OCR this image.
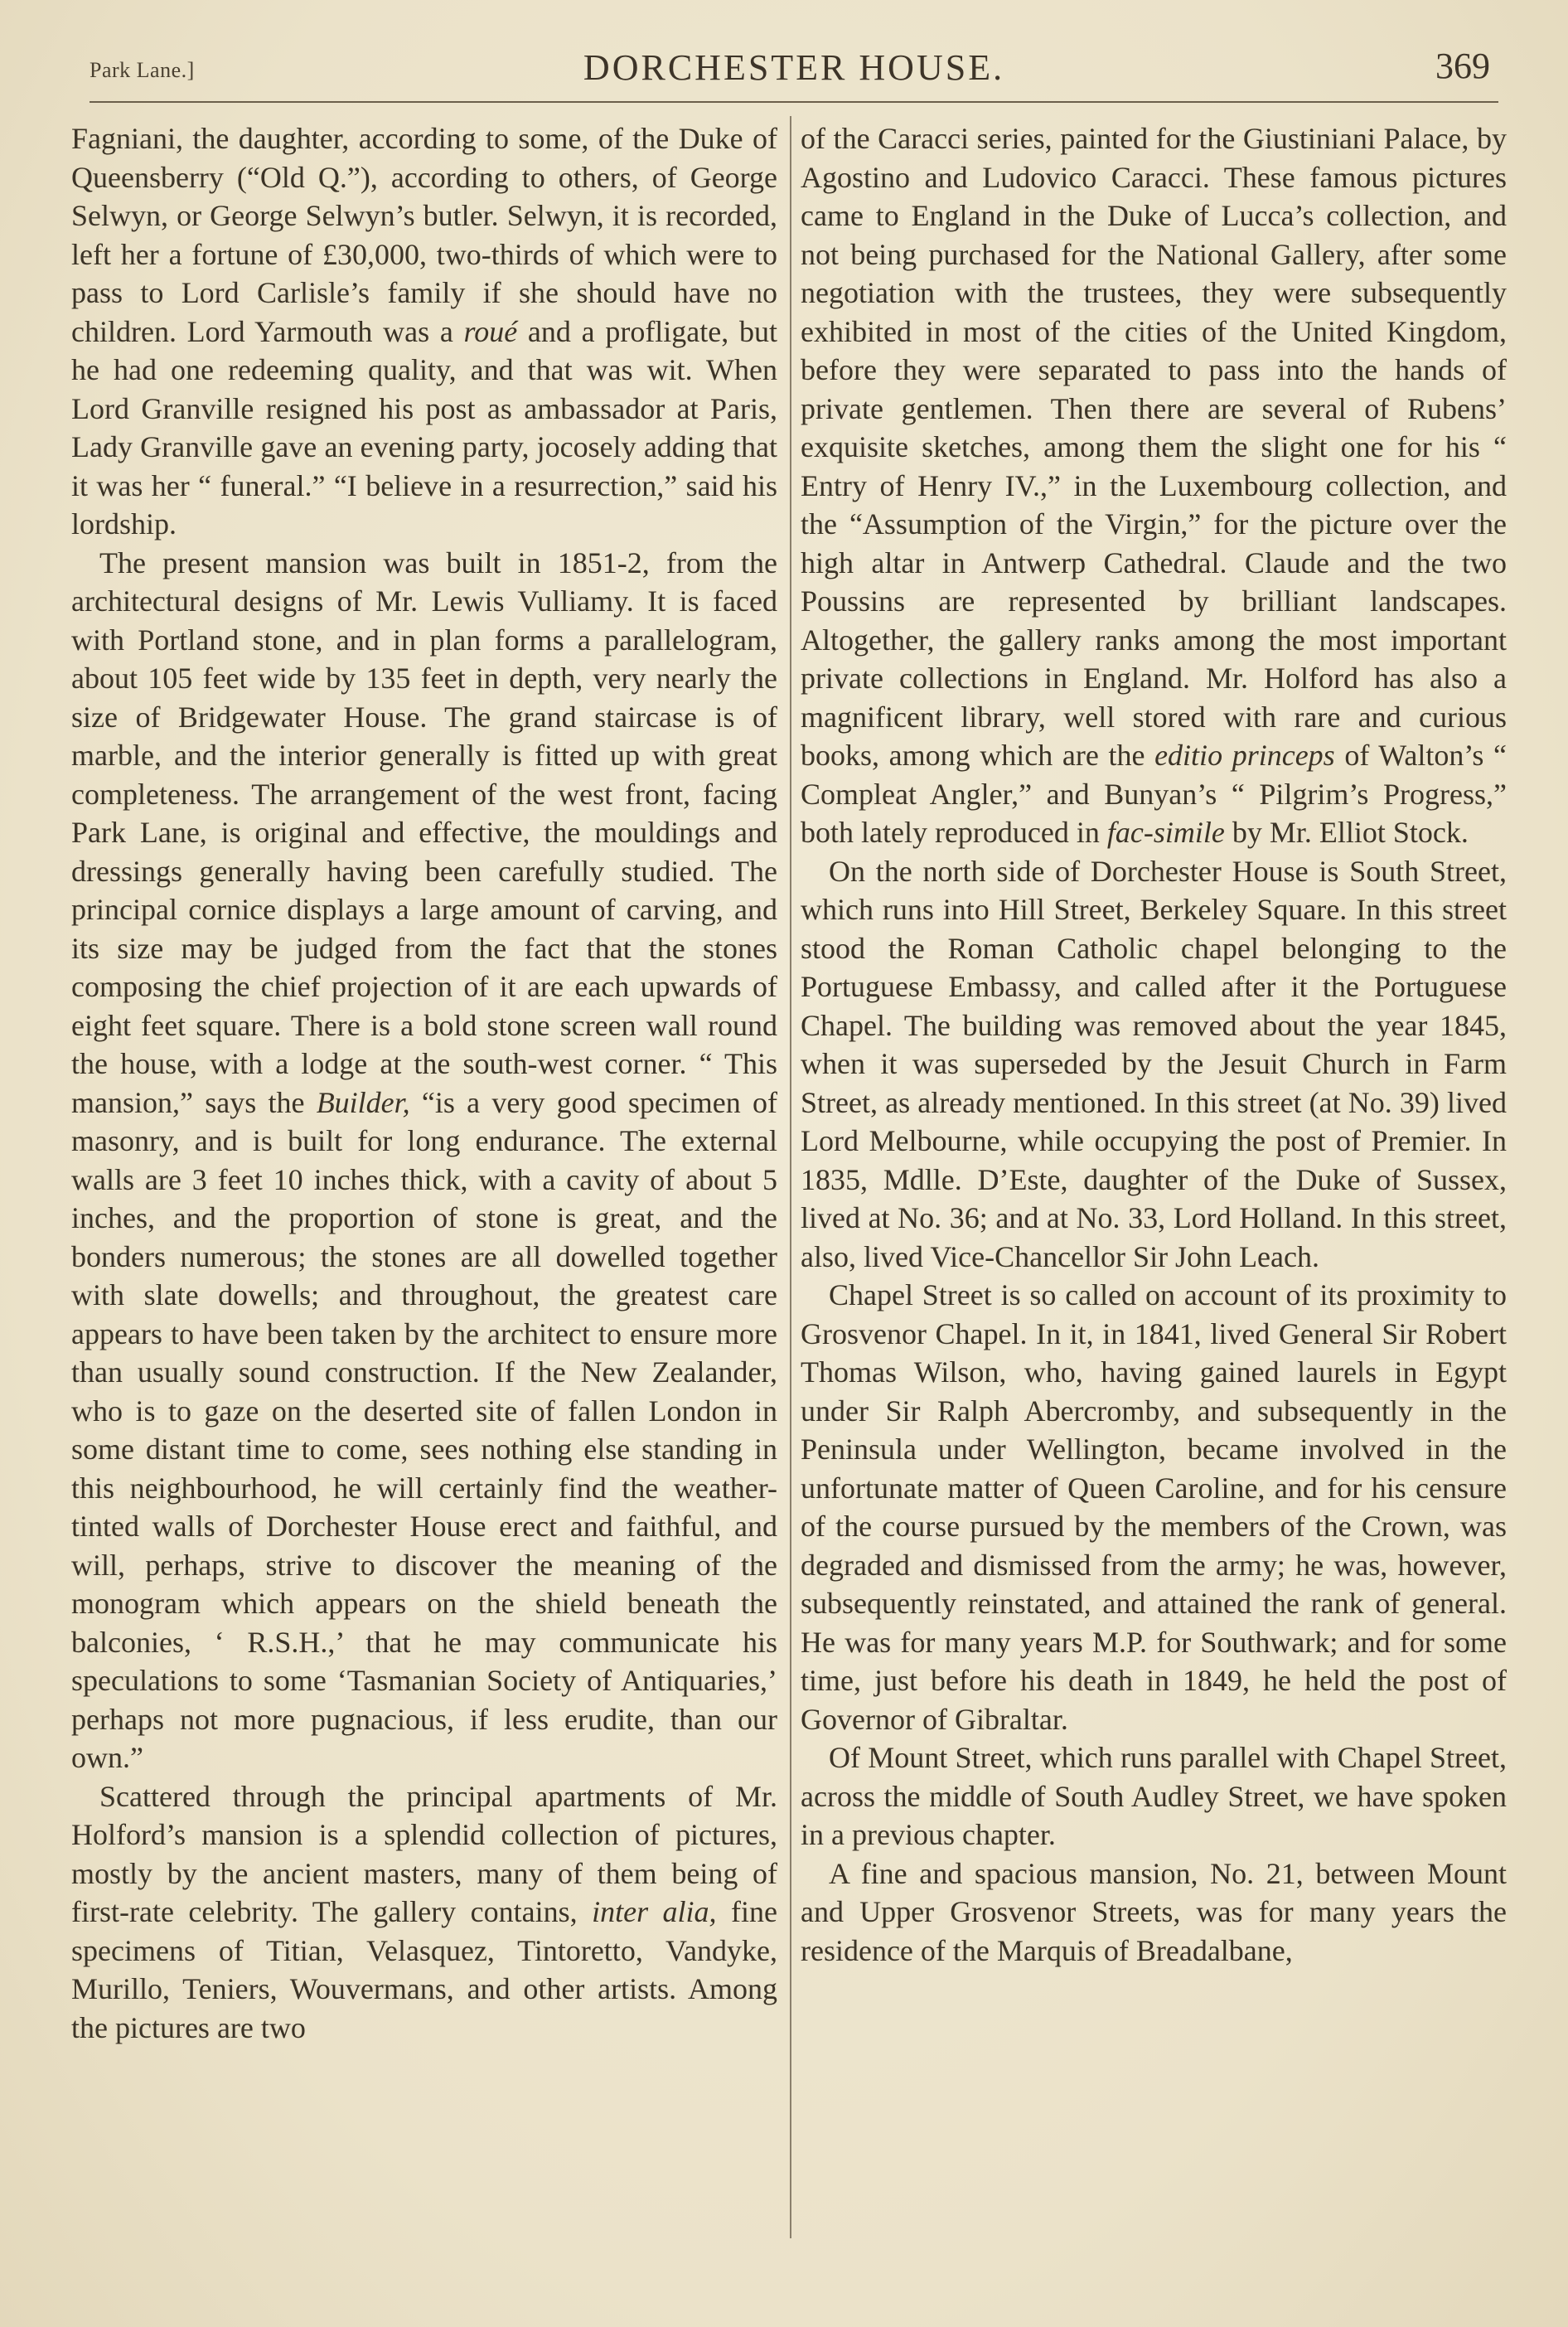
Park Lane.]	DORCHESTER HOUSE.	369

Fagniani, the daughter, according to some, of the Duke of Queensberry (“Old Q.”), according to others, of George Selwyn, or George Selwyn’s butler. Selwyn, it is recorded, left her a fortune of £30,000, two-thirds of which were to pass to Lord Carlisle’s family if she should have no children. Lord Yarmouth was a roué and a profligate, but he had one redeeming quality, and that was wit. When Lord Granville resigned his post as ambassador at Paris, Lady Granville gave an evening party, jocosely adding that it was her “ funeral.” “I believe in a resurrection,” said his lordship.

The present mansion was built in 1851-2, from the architectural designs of Mr. Lewis Vulliamy. It is faced with Portland stone, and in plan forms a parallelogram, about 105 feet wide by 135 feet in depth, very nearly the size of Bridgewater House. The grand staircase is of marble, and the interior generally is fitted up with great completeness. The arrangement of the west front, facing Park Lane, is original and effective, the mouldings and dressings generally having been carefully studied. The principal cornice displays a large amount of carving, and its size may be judged from the fact that the stones composing the chief projection of it are each upwards of eight feet square. There is a bold stone screen wall round the house, with a lodge at the south-west corner. “ This mansion,” says the Builder, “is a very good specimen of masonry, and is built for long endurance. The external walls are 3 feet 10 inches thick, with a cavity of about 5 inches, and the proportion of stone is great, and the bonders numerous; the stones are all dowelled together with slate dowells; and throughout, the greatest care appears to have been taken by the architect to ensure more than usually sound construction. If the New Zealander, who is to gaze on the deserted site of fallen London in some distant time to come, sees nothing else standing in this neighbourhood, he will certainly find the weather-tinted walls of Dorchester House erect and faithful, and will, perhaps, strive to discover the meaning of the monogram which appears on the shield beneath the balconies, ‘ R.S.H.,’ that he may communicate his speculations to some ‘Tasmanian Society of Antiquaries,’ perhaps not more pugnacious, if less erudite, than our own.”

Scattered through the principal apartments of Mr. Holford’s mansion is a splendid collection of pictures, mostly by the ancient masters, many of them being of first-rate celebrity. The gallery contains, inter alia, fine specimens of Titian, Velasquez, Tintoretto, Vandyke, Murillo, Teniers, Wouvermans, and other artists. Among the pictures are two

of the Caracci series, painted for the Giustiniani Palace, by Agostino and Ludovico Caracci. These famous pictures came to England in the Duke of Lucca’s collection, and not being purchased for the National Gallery, after some negotiation with the trustees, they were subsequently exhibited in most of the cities of the United Kingdom, before they were separated to pass into the hands of private gentlemen. Then there are several of Rubens’ exquisite sketches, among them the slight one for his “ Entry of Henry IV.,” in the Luxembourg collection, and the “Assumption of the Virgin,” for the picture over the high altar in Antwerp Cathedral. Claude and the two Poussins are represented by brilliant landscapes. Altogether, the gallery ranks among the most important private collections in England. Mr. Holford has also a magnificent library, well stored with rare and curious books, among which are the editio princeps of Walton’s “ Compleat Angler,” and Bunyan’s “ Pilgrim’s Progress,” both lately reproduced in fac-simile by Mr. Elliot Stock.

On the north side of Dorchester House is South Street, which runs into Hill Street, Berkeley Square. In this street stood the Roman Catholic chapel belonging to the Portuguese Embassy, and called after it the Portuguese Chapel. The building was removed about the year 1845, when it was superseded by the Jesuit Church in Farm Street, as already mentioned. In this street (at No. 39) lived Lord Melbourne, while occupying the post of Premier. In 1835, Mdlle. D’Este, daughter of the Duke of Sussex, lived at No. 36; and at No. 33, Lord Holland. In this street, also, lived Vice-Chancellor Sir John Leach.

Chapel Street is so called on account of its proximity to Grosvenor Chapel. In it, in 1841, lived General Sir Robert Thomas Wilson, who, having gained laurels in Egypt under Sir Ralph Abercromby, and subsequently in the Peninsula under Wellington, became involved in the unfortunate matter of Queen Caroline, and for his censure of the course pursued by the members of the Crown, was degraded and dismissed from the army; he was, however, subsequently reinstated, and attained the rank of general. He was for many years M.P. for Southwark; and for some time, just before his death in 1849, he held the post of Governor of Gibraltar.

Of Mount Street, which runs parallel with Chapel Street, across the middle of South Audley Street, we have spoken in a previous chapter.

A fine and spacious mansion, No. 21, between Mount and Upper Grosvenor Streets, was for many years the residence of the Marquis of Breadalbane,
